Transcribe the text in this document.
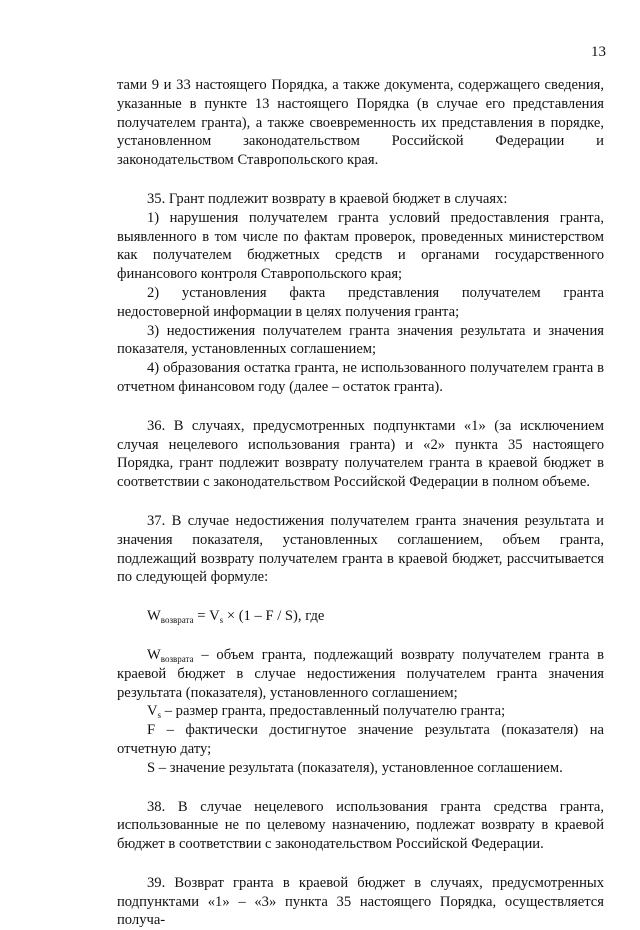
13

тами 9 и 33 настоящего Порядка, а также документа, содержащего сведения, указанные в пункте 13 настоящего Порядка (в случае его представления получателем гранта), а также своевременность их представления в порядке, установленном законодательством Российской Федерации и законодательством Ставропольского края.

35. Грант подлежит возврату в краевой бюджет в случаях:

1) нарушения получателем гранта условий предоставления гранта, выявленного в том числе по фактам проверок, проведенных министерством как получателем бюджетных средств и органами государственного финансового контроля Ставропольского края;

2) установления факта представления получателем гранта недостоверной информации в целях получения гранта;

3) недостижения получателем гранта значения результата и значения показателя, установленных соглашением;

4) образования остатка гранта, не использованного получателем гранта в отчетном финансовом году (далее – остаток гранта).

36. В случаях, предусмотренных подпунктами «1» (за исключением случая нецелевого использования гранта) и «2» пункта 35 настоящего Порядка, грант подлежит возврату получателем гранта в краевой бюджет в соответствии с законодательством Российской Федерации в полном объеме.

37. В случае недостижения получателем гранта значения результата и значения показателя, установленных соглашением, объем гранта, подлежащий возврату получателем гранта в краевой бюджет, рассчитывается по следующей формуле:

$W_{возврата} = V_s \times (1 - F / S)$, где

$W_{возврата}$ – объем гранта, подлежащий возврату получателем гранта в краевой бюджет в случае недостижения получателем гранта значения результата (показателя), установленного соглашением;

$V_s$ – размер гранта, предоставленный получателю гранта;

F – фактически достигнутое значение результата (показателя) на отчетную дату;

S – значение результата (показателя), установленное соглашением.

38. В случае нецелевого использования гранта средства гранта, использованные не по целевому назначению, подлежат возврату в краевой бюджет в соответствии с законодательством Российской Федерации.

39. Возврат гранта в краевой бюджет в случаях, предусмотренных подпунктами «1» – «3» пункта 35 настоящего Порядка, осуществляется получа-
